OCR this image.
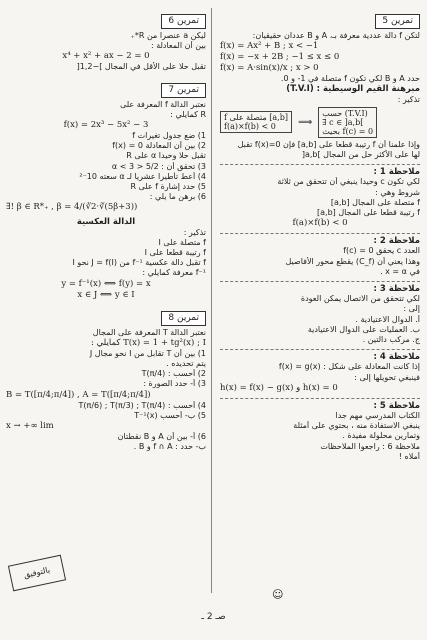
تمرين 5
لتكن f دالة عددية معرفة بـ، A و B عددان حقيقيان:
f(x) = Ax² + B ; x < −1
f(x) = −x + 2B ; −1 ≤ x ≤ 0
f(x) = A·sin(x)/x ; x > 0
حدد A و B لكي تكون f متصلة في 1- و 0.
مبرهنة القيم الوسيطية : (T.V.I)
تذكير :
f متصلة على [a,b]
f(a)×f(b) < 0	⟹
حسب (T.V.I)
∃ c ∈ ]a,b[
بحيث f(c) = 0
وإذا علمنا أن f رتيبة قطعا على [a,b] فإن f(x)=0 تقبل
لها على الأكثر حل من المجال ]a,b[
ملاحظة 1 :
لكي تكون c وحيدا ينبغي أن تتحقق من ثلاثة
شروط وهي :
f متصلة على المجال [a,b]
f رتيبة قطعا على المجال [a,b]
f(a)×f(b) < 0
ملاحظة 2 :
العدد c يحقق f(c) = 0
وهذا يعني أن (C_f) يقطع محور الأفاصيل
في x = α .
ملاحظة 3 :
لكي تتحقق من الاتصال يمكن العودة
إلى :
أ. الدوال الاعتيادية .
ب. العمليات على الدوال الاعتيادية
ج. مركب دالتين .
ملاحظة 4 :
إذا كانت المعادلة على شكل : f(x) = g(x)
فينبغي تحويلها إلى :
h(x) = f(x) − g(x) و h(x) = 0
ملاحظة 5 :
الكتاب المدرسي مهم جدا
ينبغي الاستفادة منه ، بحتوي على أمثلة
وتمارين محلولة مفيدة .
ملاحظة 6 : راجعوا الملاحظات
أملاه !
تمرين 6
ليكن a عنصرا من R*₊
بين أن المعادلة :
x⁴ + x² + ax − 2 = 0
تقبل حلا على الأقل في المجال ]−1,2[
تمرين 7
نعتبر الدالة f المعرفة على
R كمايلي :
f(x) = 2x³ − 5x² − 3
1) ضع جدول تغيرات f
2) بين أن المعادلة f(x) = 0
تقبل حلا وحيدا α على R
3) تحقق أن : 5/2 < α < 3
4) أعط تأطيرا عشريا لـ α سعته 10⁻²
5) حدد إشارة f على R
6) برهن ما يلي :
∃! β ∈ R*₊ , β = 4/(∛2·∛(5β+3))
الدالة العكسية
تذكير :
f متصلة على I
f رتيبة قطعا على I
f تقبل دالة عكسية f⁻¹ من J = f(I) نحو I
f⁻¹ معرفة كمايلي :
y = f⁻¹(x) ⟺ f(y) = x
x ∈ J ⟺ y ∈ I
تمرين 8
نعتبر الدالة T المعرفة على المجال
T(x) = 1 + tg²(x) ; I كمايلي :
1) بين أن T تقابل من I نحو مجال J
يتم تحديده .
2) أحسب : T(π/4)
3) أ- حدد الصورة :
B = T([π/4;π/4]) , A = T([π/4;π/4])
4) أحسب : T(π/6) ; T(π/3) ; T(π/4)
5) ب- أحسب T⁻¹(x)
x → +∞ lim
6) أ- بين أن A و B نقطتان
ب- حدد : f ∩ A و B .
بالتوفيق
☺
صـ 2 ـ
